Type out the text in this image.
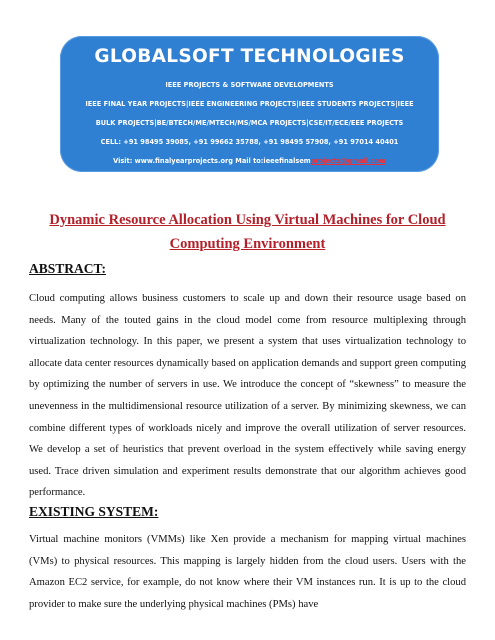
GLOBALSOFT TECHNOLOGIES
IEEE PROJECTS & SOFTWARE DEVELOPMENTS
IEEE FINAL YEAR PROJECTS|IEEE ENGINEERING PROJECTS|IEEE STUDENTS PROJECTS|IEEE
BULK PROJECTS|BE/BTECH/ME/MTECH/MS/MCA PROJECTS|CSE/IT/ECE/EEE PROJECTS
CELL: +91 98495 39085, +91 99662 35788, +91 98495 57908, +91 97014 40401
Visit: www.finalyearprojects.org Mail to:ieeefinalsemprojects@gmail.com
Dynamic Resource Allocation Using Virtual Machines for Cloud
Computing Environment
ABSTRACT:
Cloud computing allows business customers to scale up and down their resource usage based on needs. Many of the touted gains in the cloud model come from resource multiplexing through virtualization technology. In this paper, we present a system that uses virtualization technology to allocate data center resources dynamically based on application demands and support green computing by optimizing the number of servers in use. We introduce the concept of “skewness” to measure the unevenness in the multidimensional resource utilization of a server. By minimizing skewness, we can combine different types of workloads nicely and improve the overall utilization of server resources. We develop a set of heuristics that prevent overload in the system effectively while saving energy used. Trace driven simulation and experiment results demonstrate that our algorithm achieves good performance.
EXISTING SYSTEM:
Virtual machine monitors (VMMs) like Xen provide a mechanism for mapping virtual machines (VMs) to physical resources. This mapping is largely hidden from the cloud users. Users with the Amazon EC2 service, for example, do not know where their VM instances run. It is up to the cloud provider to make sure the underlying physical machines (PMs) have
